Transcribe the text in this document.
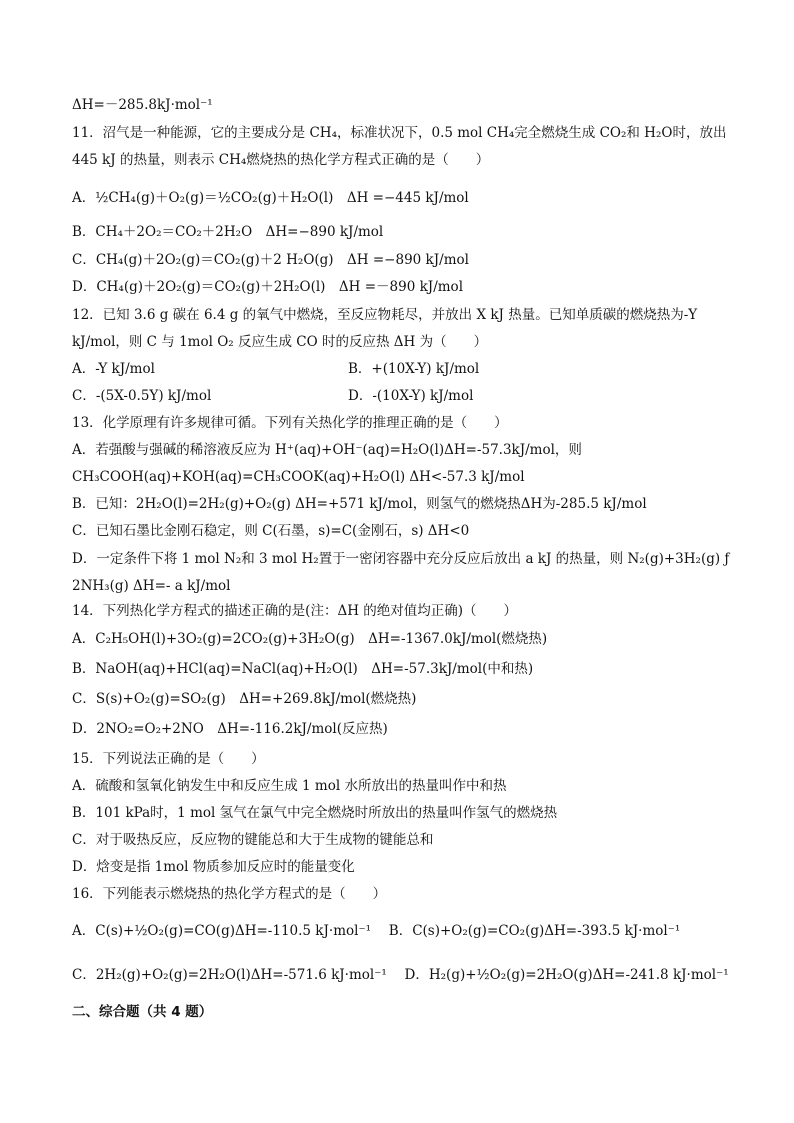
ΔH=－285.8kJ·mol⁻¹
11．沼气是一种能源，它的主要成分是 CH₄，标准状况下，0.5 mol CH₄完全燃烧生成 CO₂和 H₂O时，放出
445 kJ 的热量，则表示 CH₄燃烧热的热化学方程式正确的是（　　）
A．½CH₄(g)＋O₂(g)＝½CO₂(g)＋H₂O(l)　ΔH =−445 kJ/mol
B．CH₄＋2O₂＝CO₂＋2H₂O　ΔH=−890 kJ/mol
C．CH₄(g)＋2O₂(g)＝CO₂(g)＋2 H₂O(g)　ΔH =−890 kJ/mol
D．CH₄(g)＋2O₂(g)＝CO₂(g)＋2H₂O(l)　ΔH =－890 kJ/mol
12．已知 3.6 g 碳在 6.4 g 的氧气中燃烧，至反应物耗尽，并放出 X kJ 热量。已知单质碳的燃烧热为-Y
kJ/mol，则 C 与 1mol O₂ 反应生成 CO 时的反应热 ΔH 为（　　）
A．-Y kJ/mol	B．+(10X-Y) kJ/mol
C．-(5X-0.5Y) kJ/mol	D．-(10X-Y) kJ/mol
13．化学原理有许多规律可循。下列有关热化学的推理正确的是（　　）
A．若强酸与强碱的稀溶液反应为 H⁺(aq)+OH⁻(aq)=H₂O(l)ΔH=-57.3kJ/mol，则
CH₃COOH(aq)+KOH(aq)=CH₃COOK(aq)+H₂O(l) ΔH<-57.3 kJ/mol
B．已知：2H₂O(l)=2H₂(g)+O₂(g) ΔH=+571 kJ/mol，则氢气的燃烧热ΔH为-285.5 kJ/mol
C．已知石墨比金刚石稳定，则 C(石墨，s)=C(金刚石，s) ΔH<0
D．一定条件下将 1 mol N₂和 3 mol H₂置于一密闭容器中充分反应后放出 a kJ 的热量，则 N₂(g)+3H₂(g) ƒ
2NH₃(g) ΔH=- a kJ/mol
14．下列热化学方程式的描述正确的是(注：ΔH 的绝对值均正确)（　　）
A．C₂H₅OH(l)+3O₂(g)=2CO₂(g)+3H₂O(g)　ΔH=-1367.0kJ/mol(燃烧热)
B．NaOH(aq)+HCl(aq)=NaCl(aq)+H₂O(l)　ΔH=-57.3kJ/mol(中和热)
C．S(s)+O₂(g)=SO₂(g)　ΔH=+269.8kJ/mol(燃烧热)
D．2NO₂=O₂+2NO　ΔH=-116.2kJ/mol(反应热)
15．下列说法正确的是（　　）
A．硫酸和氢氧化钠发生中和反应生成 1 mol 水所放出的热量叫作中和热
B．101 kPa时，1 mol 氢气在氯气中完全燃烧时所放出的热量叫作氢气的燃烧热
C．对于吸热反应，反应物的键能总和大于生成物的键能总和
D．焓变是指 1mol 物质参加反应时的能量变化
16．下列能表示燃烧热的热化学方程式的是（　　）
A．C(s)+½O₂(g)=CO(g)ΔH=-110.5 kJ·mol⁻¹　 B．C(s)+O₂(g)=CO₂(g)ΔH=-393.5 kJ·mol⁻¹
C．2H₂(g)+O₂(g)=2H₂O(l)ΔH=-571.6 kJ·mol⁻¹　 D．H₂(g)+½O₂(g)=2H₂O(g)ΔH=-241.8 kJ·mol⁻¹
二、综合题（共 4 题）
